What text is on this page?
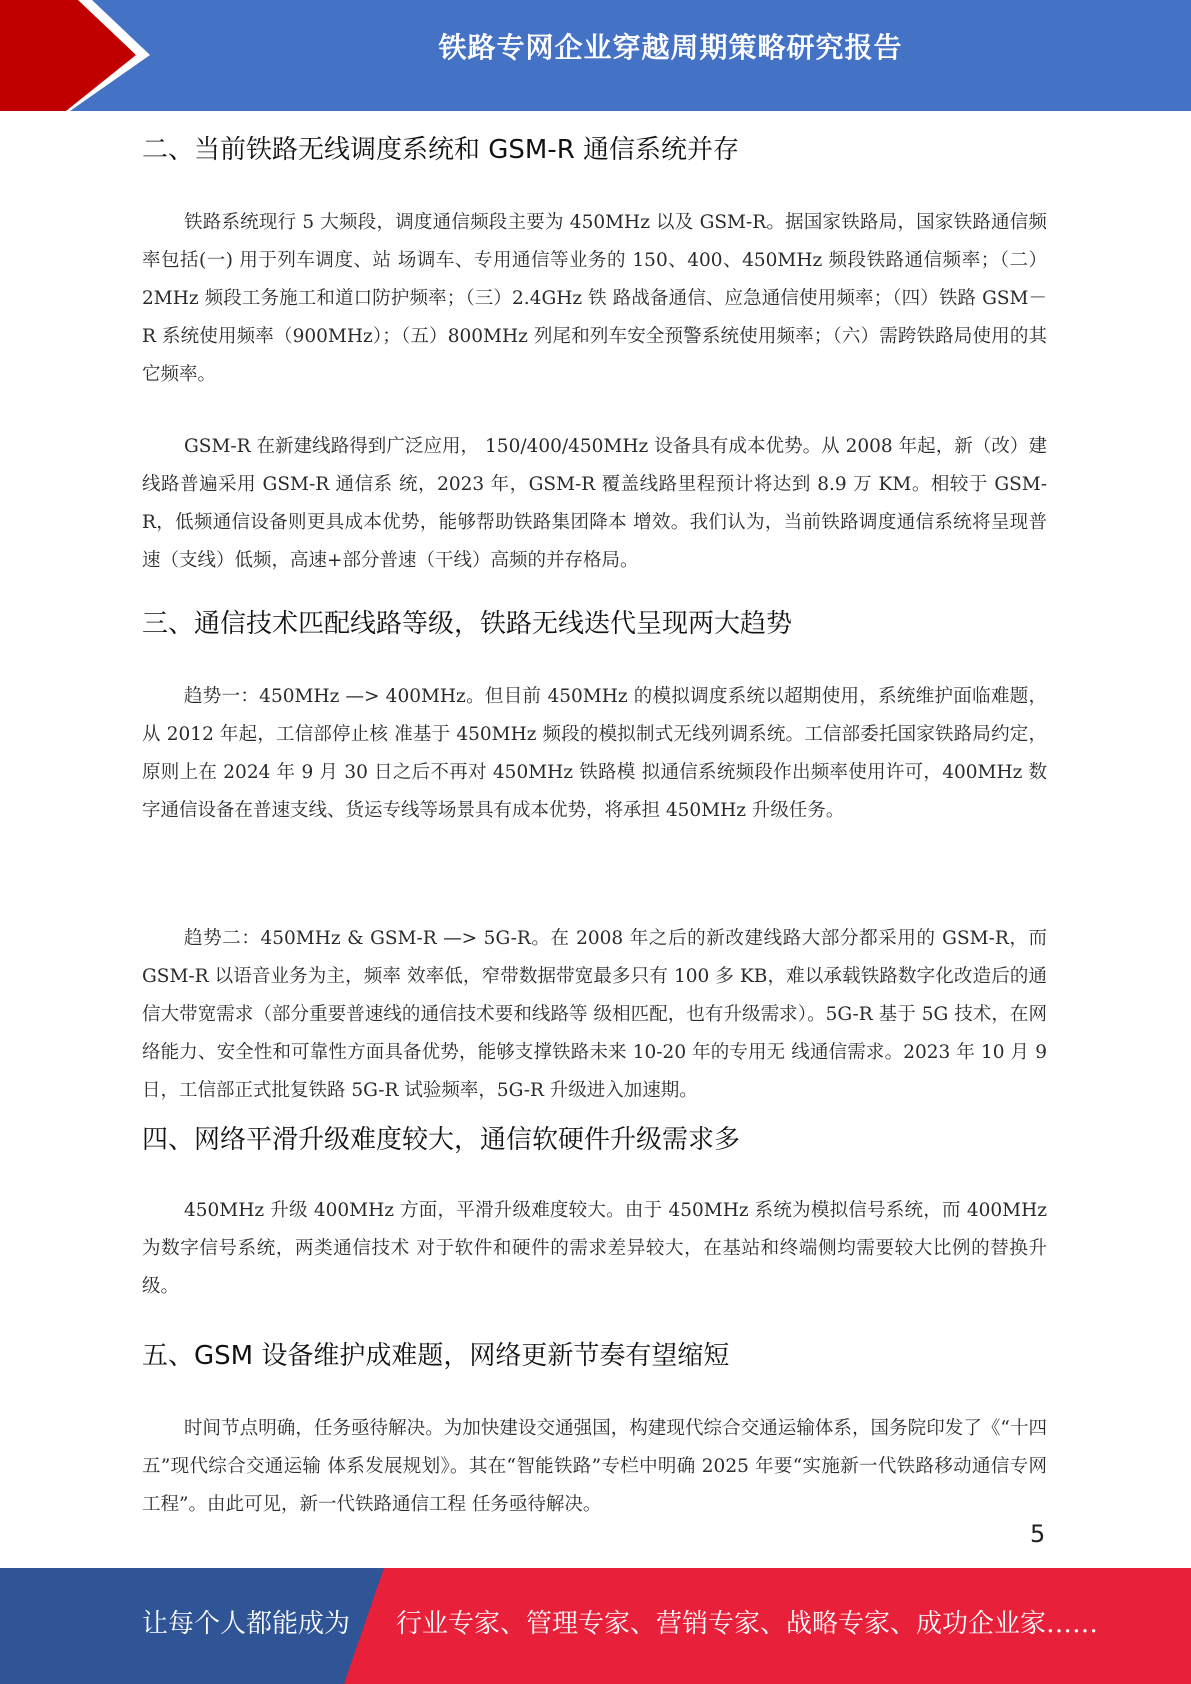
铁路专网企业穿越周期策略研究报告
二、当前铁路无线调度系统和 GSM-R 通信系统并存

铁路系统现行 5 大频段，调度通信频段主要为 450MHz 以及 GSM-R。据国家铁路局，国家铁路通信频率包括(一) 用于列车调度、站 场调车、专用通信等业务的 150、400、450MHz 频段铁路通信频率；（二）2MHz 频段工务施工和道口防护频率；（三）2.4GHz 铁 路战备通信、应急通信使用频率；（四）铁路 GSM－R 系统使用频率（900MHz）；（五）800MHz 列尾和列车安全预警系统使用频率；（六）需跨铁路局使用的其它频率。

GSM-R 在新建线路得到广泛应用， 150/400/450MHz 设备具有成本优势。从 2008 年起，新（改）建线路普遍采用 GSM-R 通信系 统，2023 年，GSM-R 覆盖线路里程预计将达到 8.9 万 KM。相较于 GSM-R，低频通信设备则更具成本优势，能够帮助铁路集团降本 增效。我们认为，当前铁路调度通信系统将呈现普速（支线）低频，高速+部分普速（干线）高频的并存格局。

三、通信技术匹配线路等级，铁路无线迭代呈现两大趋势

趋势一：450MHz —> 400MHz。但目前 450MHz 的模拟调度系统以超期使用，系统维护面临难题，从 2012 年起，工信部停止核 准基于 450MHz 频段的模拟制式无线列调系统。工信部委托国家铁路局约定，原则上在 2024 年 9 月 30 日之后不再对 450MHz 铁路模 拟通信系统频段作出频率使用许可，400MHz 数字通信设备在普速支线、货运专线等场景具有成本优势，将承担 450MHz 升级任务。

趋势二：450MHz & GSM-R —> 5G-R。在 2008 年之后的新改建线路大部分都采用的 GSM-R，而 GSM-R 以语音业务为主，频率 效率低，窄带数据带宽最多只有 100 多 KB，难以承载铁路数字化改造后的通信大带宽需求（部分重要普速线的通信技术要和线路等 级相匹配，也有升级需求）。5G-R 基于 5G 技术，在网络能力、安全性和可靠性方面具备优势，能够支撑铁路未来 10-20 年的专用无 线通信需求。2023 年 10 月 9 日，工信部正式批复铁路 5G-R 试验频率，5G-R 升级进入加速期。

四、网络平滑升级难度较大，通信软硬件升级需求多

450MHz 升级 400MHz 方面，平滑升级难度较大。由于 450MHz 系统为模拟信号系统，而 400MHz 为数字信号系统，两类通信技术 对于软件和硬件的需求差异较大，在基站和终端侧均需要较大比例的替换升级。

五、GSM 设备维护成难题，网络更新节奏有望缩短

时间节点明确，任务亟待解决。为加快建设交通强国，构建现代综合交通运输体系，国务院印发了《“十四五”现代综合交通运输 体系发展规划》。其在“智能铁路”专栏中明确 2025 年要“实施新一代铁路移动通信专网工程”。由此可见，新一代铁路通信工程 任务亟待解决。

5
让每个人都能成为 行业专家、管理专家、营销专家、战略专家、成功企业家……
